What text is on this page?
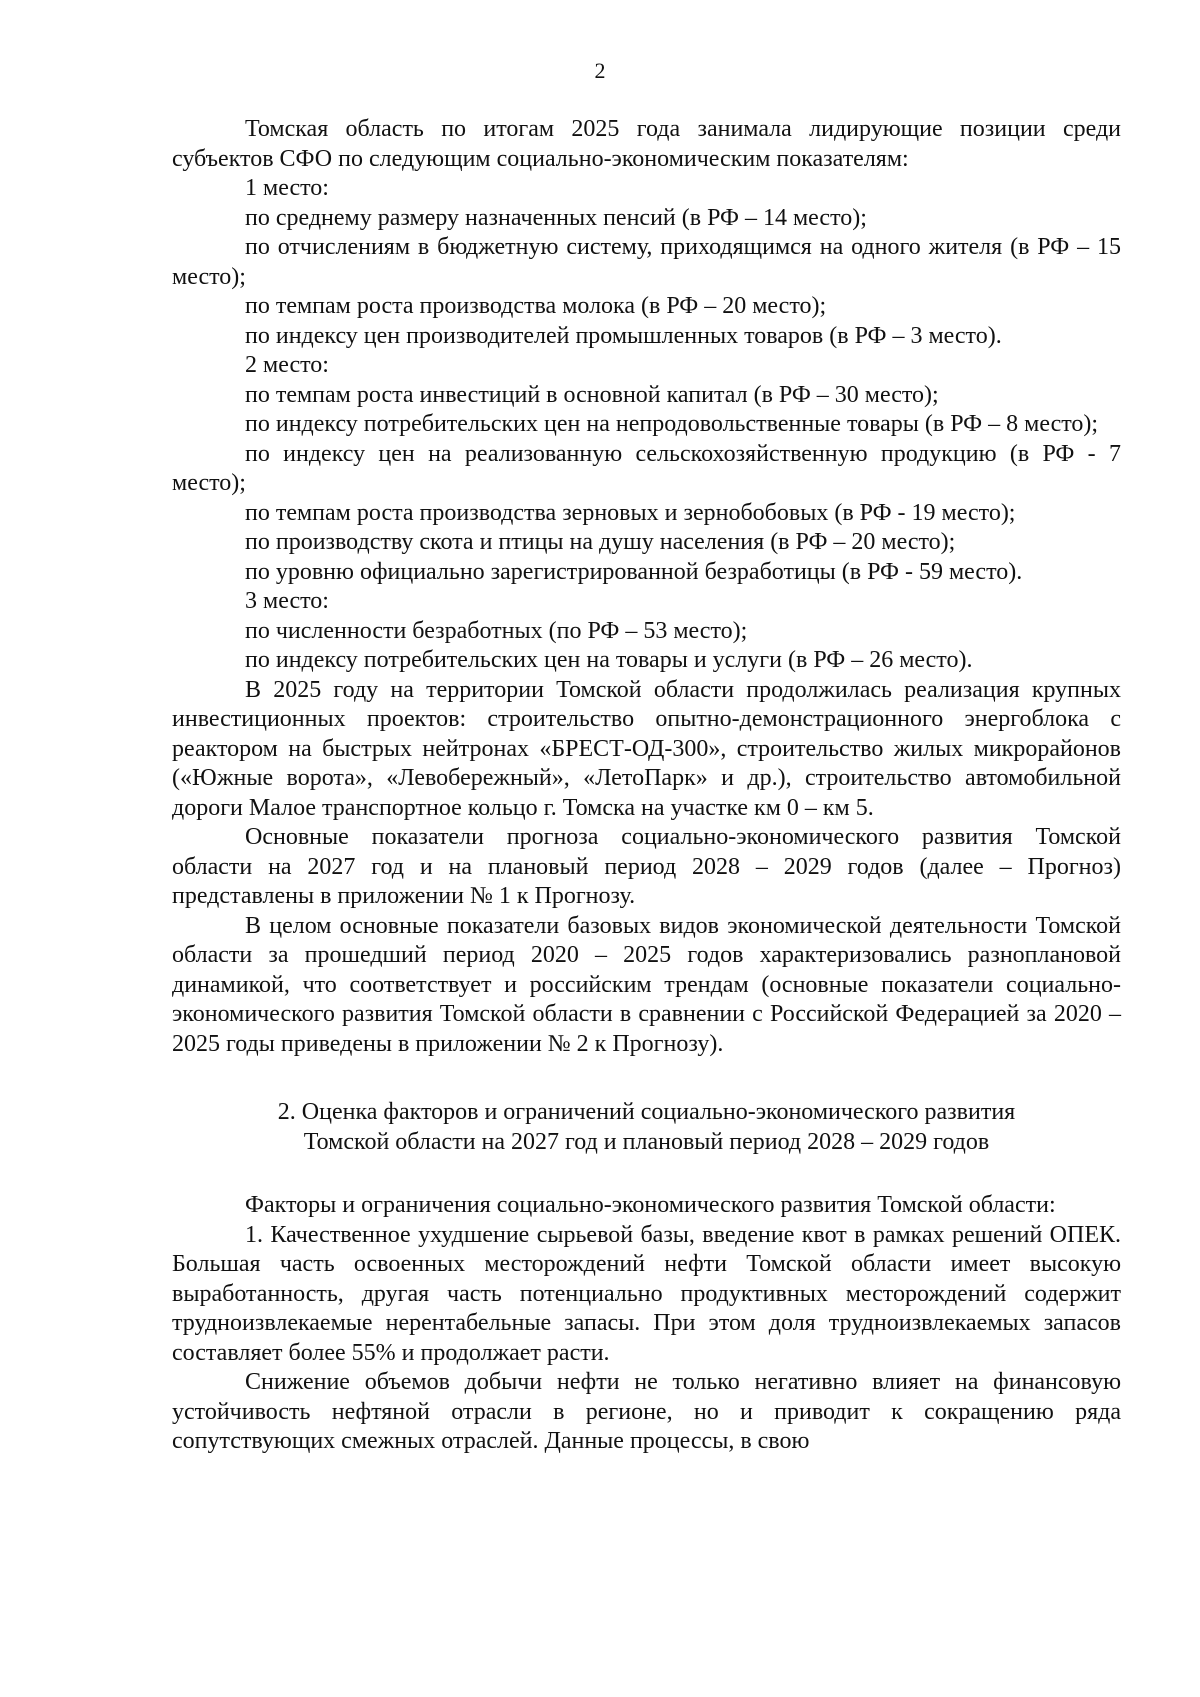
2

Томская область по итогам 2025 года занимала лидирующие позиции среди субъектов СФО по следующим социально-экономическим показателям:

1 место:

по среднему размеру назначенных пенсий (в РФ – 14 место);

по отчислениям в бюджетную систему, приходящимся на одного жителя (в РФ – 15 место);

по темпам роста производства молока (в РФ – 20 место);

по индексу цен производителей промышленных товаров (в РФ – 3 место).

2 место:

по темпам роста инвестиций в основной капитал (в РФ – 30 место);

по индексу потребительских цен на непродовольственные товары (в РФ – 8 место);

по индексу цен на реализованную сельскохозяйственную продукцию (в РФ - 7 место);

по темпам роста производства зерновых и зернобобовых (в РФ - 19 место);

по производству скота и птицы на душу населения (в РФ – 20 место);

по уровню официально зарегистрированной безработицы (в РФ - 59 место).

3 место:

по численности безработных (по РФ – 53 место);

по индексу потребительских цен на товары и услуги (в РФ – 26 место).

В 2025 году на территории Томской области продолжилась реализация крупных инвестиционных проектов: строительство опытно-демонстрационного энергоблока с реактором на быстрых нейтронах «БРЕСТ-ОД-300», строительство жилых микрорайонов («Южные ворота», «Левобережный», «ЛетоПарк» и др.), строительство автомобильной дороги Малое транспортное кольцо г. Томска на участке км 0 – км 5.

Основные показатели прогноза социально-экономического развития Томской области на 2027 год и на плановый период 2028 – 2029 годов (далее – Прогноз) представлены в приложении № 1 к Прогнозу.

В целом основные показатели базовых видов экономической деятельности Томской области за прошедший период 2020 – 2025 годов характеризовались разноплановой динамикой, что соответствует и российским трендам (основные показатели социально-экономического развития Томской области в сравнении с Российской Федерацией за 2020 – 2025 годы приведены в приложении № 2 к Прогнозу).

2. Оценка факторов и ограничений социально-экономического развития
Томской области на 2027 год и плановый период 2028 – 2029 годов

Факторы и ограничения социально-экономического развития Томской области:

1. Качественное ухудшение сырьевой базы, введение квот в рамках решений ОПЕК. Большая часть освоенных месторождений нефти Томской области имеет высокую выработанность, другая часть потенциально продуктивных месторождений содержит трудноизвлекаемые нерентабельные запасы. При этом доля трудноизвлекаемых запасов составляет более 55% и продолжает расти.

Снижение объемов добычи нефти не только негативно влияет на финансовую устойчивость нефтяной отрасли в регионе, но и приводит к сокращению ряда сопутствующих смежных отраслей. Данные процессы, в свою
